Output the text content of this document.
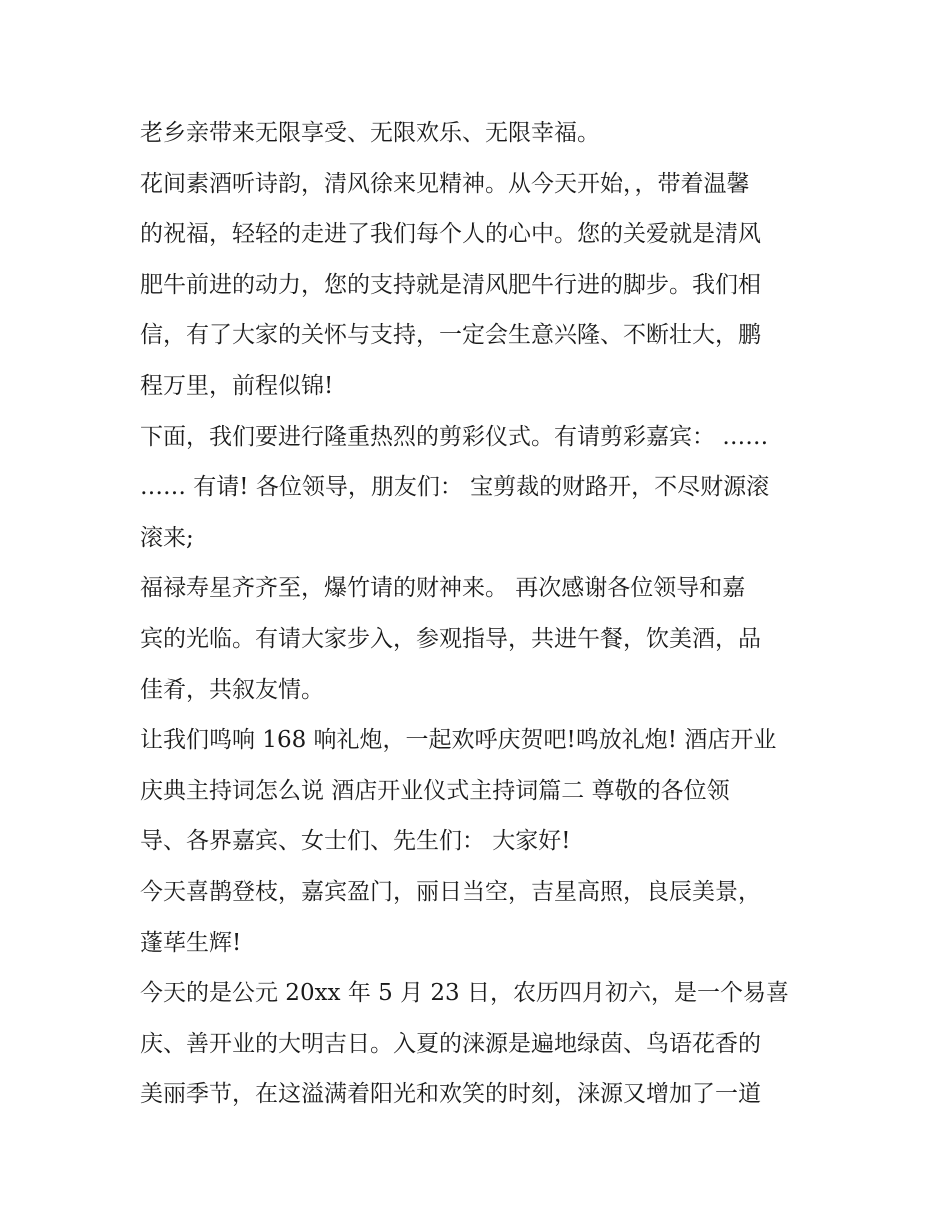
老乡亲带来无限享受、无限欢乐、无限幸福。
花间素酒听诗韵，清风徐来见精神。从今天开始，，带着温馨
的祝福，轻轻的走进了我们每个人的心中。您的关爱就是清风
肥牛前进的动力，您的支持就是清风肥牛行进的脚步。我们相
信，有了大家的关怀与支持，一定会生意兴隆、不断壮大，鹏
程万里，前程似锦!
下面，我们要进行隆重热烈的剪彩仪式。有请剪彩嘉宾： ……
…… 有请! 各位领导，朋友们： 宝剪裁的财路开，不尽财源滚
滚来;
福禄寿星齐齐至，爆竹请的财神来。 再次感谢各位领导和嘉
宾的光临。有请大家步入，参观指导，共进午餐，饮美酒，品
佳肴，共叙友情。
让我们鸣响 168 响礼炮，一起欢呼庆贺吧!鸣放礼炮! 酒店开业
庆典主持词怎么说 酒店开业仪式主持词篇二 尊敬的各位领
导、各界嘉宾、女士们、先生们： 大家好!
今天喜鹊登枝，嘉宾盈门，丽日当空，吉星高照，良辰美景，
蓬荜生辉!
今天的是公元 20xx 年 5 月 23 日，农历四月初六，是一个易喜
庆、善开业的大明吉日。入夏的涞源是遍地绿茵、鸟语花香的
美丽季节，在这溢满着阳光和欢笑的时刻，涞源又增加了一道
